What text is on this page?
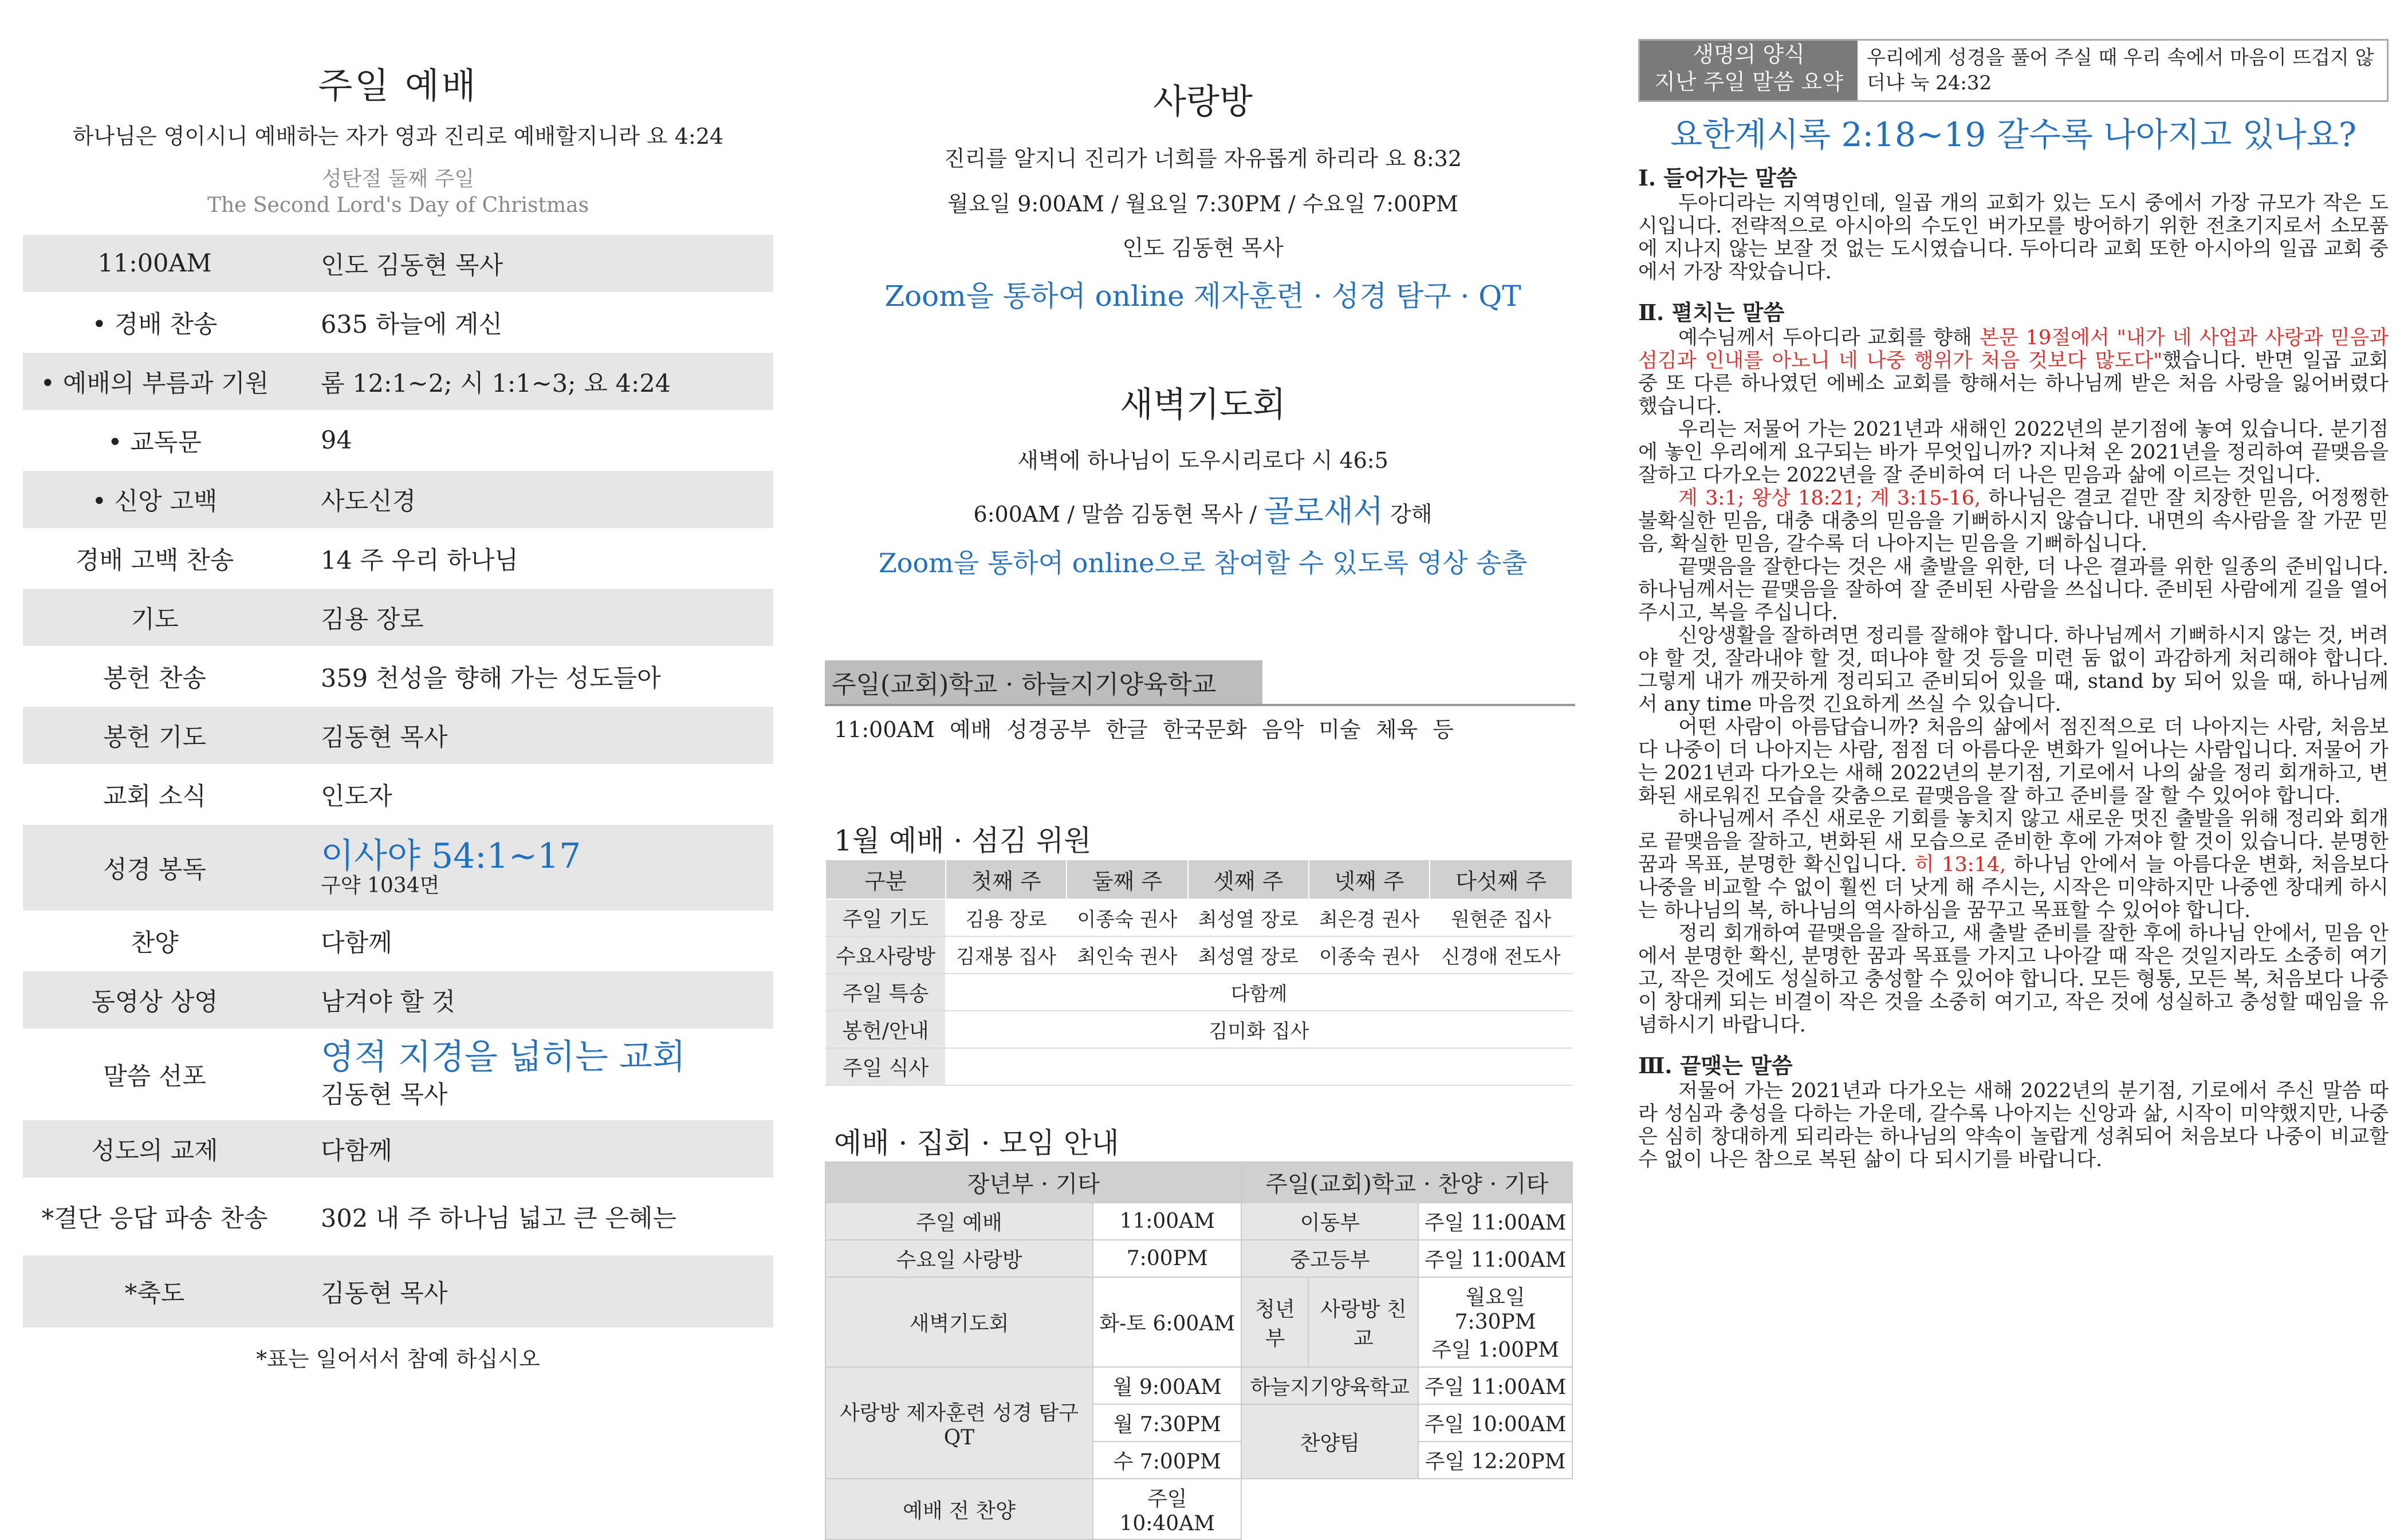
주일 예배
하나님은 영이시니 예배하는 자가 영과 진리로 예배할지니라 요 4:24
성탄절 둘째 주일
The Second Lord's Day of Christmas
11:00AM	인도 김동현 목사
• 경배 찬송	635 하늘에 계신
• 예배의 부름과 기원	롬 12:1~2; 시 1:1~3; 요 4:24
• 교독문	94
• 신앙 고백	사도신경
경배 고백 찬송	14 주 우리 하나님
기도	김용 장로
봉헌 찬송	359 천성을 향해 가는 성도들아
봉헌 기도	김동현 목사
교회 소식	인도자
성경 봉독	이사야 54:1~17
구약 1034면
찬양	다함께
동영상 상영	남겨야 할 것
말씀 선포	영적 지경을 넓히는 교회
김동현 목사
성도의 교제	다함께
*결단 응답 파송 찬송	302 내 주 하나님 넓고 큰 은혜는
*축도	김동현 목사
*표는 일어서서 참예 하십시오
사랑방
진리를 알지니 진리가 너희를 자유롭게 하리라 요 8:32
월요일 9:00AM / 월요일 7:30PM / 수요일 7:00PM
인도 김동현 목사
Zoom을 통하여 online 제자훈련 · 성경 탐구 · QT
새벽기도회
새벽에 하나님이 도우시리로다 시 46:5
6:00AM / 말씀 김동현 목사 / 골로새서 강해
Zoom을 통하여 online으로 참여할 수 있도록 영상 송출
주일(교회)학교 · 하늘지기양육학교
11:00AM 예배 성경공부 한글 한국문화 음악 미술 체육 등
1월 예배 · 섬김 위원
구분	첫째 주	둘째 주	셋째 주	넷째 주	다섯째 주
주일 기도	김용 장로	이종숙 권사	최성열 장로	최은경 권사	원현준 집사
수요사랑방	김재봉 집사	최인숙 권사	최성열 장로	이종숙 권사	신경애 전도사
주일 특송	다함께				
봉헌/안내	김미화 집사				
주일 식사					
예배 · 집회 · 모임 안내
장년부 · 기타		주일(교회)학교 · 찬양 · 기타		
주일 예배	11:00AM	이동부		주일 11:00AM
수요일 사랑방	7:00PM	중고등부		주일 11:00AM
새벽기도회	화-토 6:00AM	청년부	사랑방 친교	월요일 7:30PM
주일 1:00PM

사랑방 제자훈련 성경 탐구 QT	월 9:00AM	하늘지기양육학교		주일 11:00AM
	월 7:30PM	찬양팀		주일 10:00AM
	수 7:00PM			주일 12:20PM
예배 전 찬양	주일 10:40AM			
생명의 양식
지난 주일 말씀 요약
우리에게 성경을 풀어 주실 때 우리 속에서 마음이 뜨겁지 않더냐 눅 24:32
요한계시록 2:18~19 갈수록 나아지고 있나요?
Ⅰ. 들어가는 말씀
두아디라는 지역명인데, 일곱 개의 교회가 있는 도시 중에서 가장 규모가 작은 도시입니다. 전략적으로 아시아의 수도인 버가모를 방어하기 위한 전초기지로서 소모품에 지나지 않는 보잘 것 없는 도시였습니다. 두아디라 교회 또한 아시아의 일곱 교회 중에서 가장 작았습니다.
Ⅱ. 펼치는 말씀
예수님께서 두아디라 교회를 향해 본문 19절에서 "내가 네 사업과 사랑과 믿음과 섬김과 인내를 아노니 네 나중 행위가 처음 것보다 많도다"했습니다. 반면 일곱 교회 중 또 다른 하나였던 에베소 교회를 향해서는 하나님께 받은 처음 사랑을 잃어버렸다 했습니다.
우리는 저물어 가는 2021년과 새해인 2022년의 분기점에 놓여 있습니다. 분기점에 놓인 우리에게 요구되는 바가 무엇입니까? 지나쳐 온 2021년을 정리하여 끝맺음을 잘하고 다가오는 2022년을 잘 준비하여 더 나은 믿음과 삶에 이르는 것입니다.
계 3:1; 왕상 18:21; 계 3:15-16, 하나님은 결코 겉만 잘 치장한 믿음, 어정쩡한 불확실한 믿음, 대충 대충의 믿음을 기뻐하시지 않습니다. 내면의 속사람을 잘 가꾼 믿음, 확실한 믿음, 갈수록 더 나아지는 믿음을 기뻐하십니다.
끝맺음을 잘한다는 것은 새 출발을 위한, 더 나은 결과를 위한 일종의 준비입니다. 하나님께서는 끝맺음을 잘하여 잘 준비된 사람을 쓰십니다. 준비된 사람에게 길을 열어 주시고, 복을 주십니다.
신앙생활을 잘하려면 정리를 잘해야 합니다. 하나님께서 기뻐하시지 않는 것, 버려야 할 것, 잘라내야 할 것, 떠나야 할 것 등을 미련 둠 없이 과감하게 처리해야 합니다. 그렇게 내가 깨끗하게 정리되고 준비되어 있을 때, stand by 되어 있을 때, 하나님께서 any time 마음껏 긴요하게 쓰실 수 있습니다.
어떤 사람이 아름답습니까? 처음의 삶에서 점진적으로 더 나아지는 사람, 처음보다 나중이 더 나아지는 사람, 점점 더 아름다운 변화가 일어나는 사람입니다. 저물어 가는 2021년과 다가오는 새해 2022년의 분기점, 기로에서 나의 삶을 정리 회개하고, 변화된 새로워진 모습을 갖춤으로 끝맺음을 잘 하고 준비를 잘 할 수 있어야 합니다.
하나님께서 주신 새로운 기회를 놓치지 않고 새로운 멋진 출발을 위해 정리와 회개로 끝맺음을 잘하고, 변화된 새 모습으로 준비한 후에 가져야 할 것이 있습니다. 분명한 꿈과 목표, 분명한 확신입니다. 히 13:14, 하나님 안에서 늘 아름다운 변화, 처음보다 나중을 비교할 수 없이 훨씬 더 낫게 해 주시는, 시작은 미약하지만 나중엔 창대케 하시는 하나님의 복, 하나님의 역사하심을 꿈꾸고 목표할 수 있어야 합니다.
정리 회개하여 끝맺음을 잘하고, 새 출발 준비를 잘한 후에 하나님 안에서, 믿음 안에서 분명한 확신, 분명한 꿈과 목표를 가지고 나아갈 때 작은 것일지라도 소중히 여기고, 작은 것에도 성실하고 충성할 수 있어야 합니다. 모든 형통, 모든 복, 처음보다 나중이 창대케 되는 비결이 작은 것을 소중히 여기고, 작은 것에 성실하고 충성할 때임을 유념하시기 바랍니다.
Ⅲ. 끝맺는 말씀
저물어 가는 2021년과 다가오는 새해 2022년의 분기점, 기로에서 주신 말씀 따라 성심과 충성을 다하는 가운데, 갈수록 나아지는 신앙과 삶, 시작이 미약했지만, 나중은 심히 창대하게 되리라는 하나님의 약속이 놀랍게 성취되어 처음보다 나중이 비교할 수 없이 나은 참으로 복된 삶이 다 되시기를 바랍니다.
